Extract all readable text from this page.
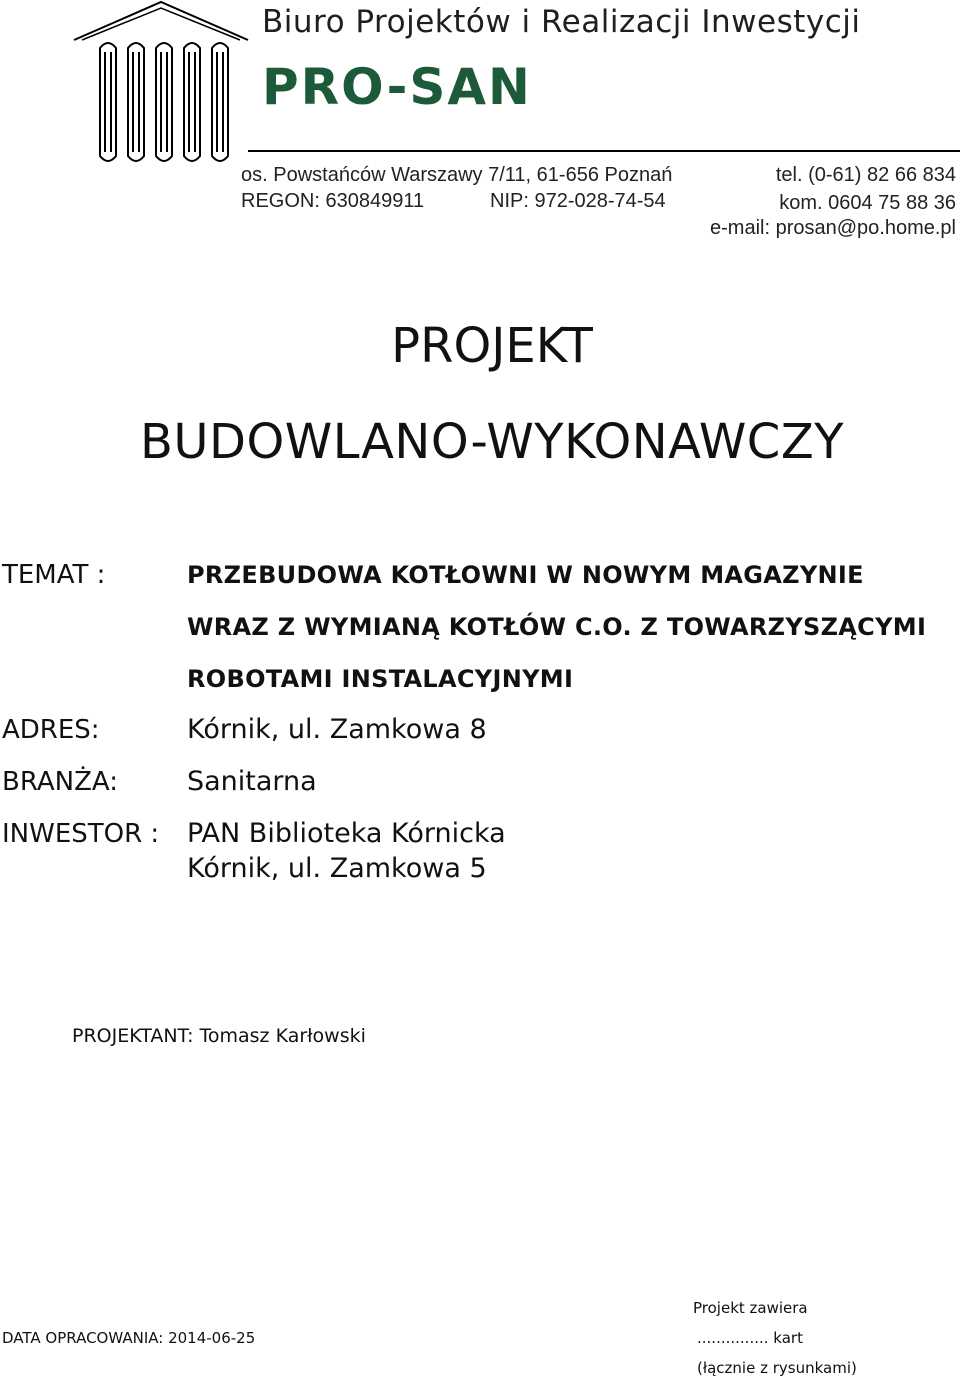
Biuro Projektów i Realizacji Inwestycji
PRO-SAN
os. Powstańców Warszawy 7/11, 61-656 Poznań
REGON: 630849911	NIP: 972-028-74-54
tel. (0-61) 82 66 834
kom. 0604 75 88 36
e-mail: prosan@po.home.pl
PROJEKT
BUDOWLANO-WYKONAWCZY
TEMAT :	PRZEBUDOWA KOTŁOWNI W NOWYM MAGAZYNIE
WRAZ Z WYMIANĄ KOTŁÓW C.O. Z TOWARZYSZĄCYMI
ROBOTAMI INSTALACYJNYMI
ADRES:	Kórnik, ul. Zamkowa 8
BRANŻA:	Sanitarna
INWESTOR : PAN Biblioteka Kórnicka
Kórnik, ul. Zamkowa 5
PROJEKTANT: Tomasz Karłowski
DATA OPRACOWANIA: 2014-06-25
Projekt zawiera
............... kart
(łącznie z rysunkami)
